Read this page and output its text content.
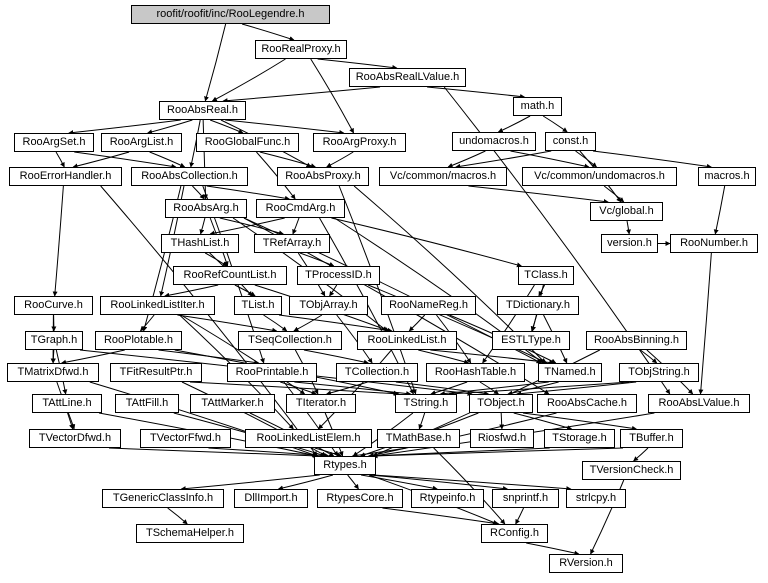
roofit/roofit/inc/RooLegendre.h
RooRealProxy.h
RooAbsRealLValue.h
math.h
RooAbsReal.h
undomacros.h	const.h
RooArgSet.h	RooArgList.h	RooGlobalFunc.h	RooArgProxy.h
RooErrorHandler.h	RooAbsCollection.h	RooAbsProxy.h	Vc/common/macros.h	Vc/common/undomacros.h	macros.h
RooAbsArg.h	RooCmdArg.h	Vc/global.h
THashList.h	TRefArray.h	version.h	RooNumber.h
RooRefCountList.h	TProcessID.h	TClass.h
RooCurve.h	RooLinkedListIter.h	TList.h	TObjArray.h	RooNameReg.h	TDictionary.h
TGraph.h	RooPlotable.h	TSeqCollection.h	RooLinkedList.h	ESTLType.h	RooAbsBinning.h
TMatrixDfwd.h	TFitResultPtr.h	RooPrintable.h	TCollection.h	RooHashTable.h	TNamed.h	TObjString.h
TAttLine.h	TAttFill.h	TAttMarker.h	TIterator.h	TString.h	TObject.h	RooAbsCache.h	RooAbsLValue.h
TVectorDfwd.h	TVectorFfwd.h	RooLinkedListElem.h	TMathBase.h	Riosfwd.h	TStorage.h	TBuffer.h
Rtypes.h	TVersionCheck.h
TGenericClassInfo.h	DllImport.h	RtypesCore.h	Rtypeinfo.h	snprintf.h	strlcpy.h
TSchemaHelper.h	RConfig.h
RVersion.h
